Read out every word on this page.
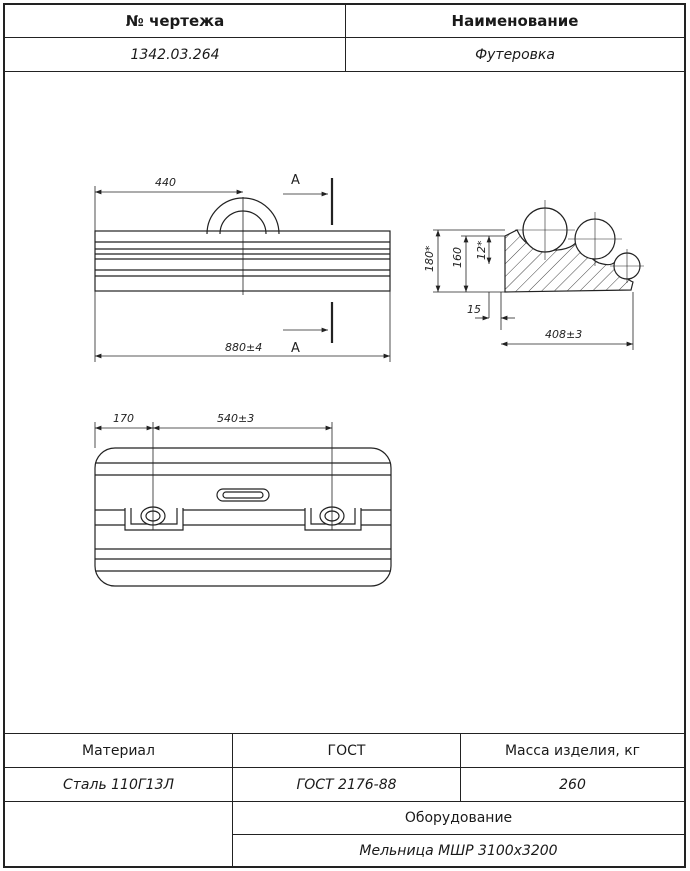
№ чертежа	Наименование
1342.03.264	Футеровка
440
880±4
А
А
180* 160 12*
15
408±3
170	540±3
Материал	ГОСТ	Масса изделия, кг
Сталь 110Г13Л	ГОСТ 2176-88	260
Оборудование
Мельница МШР 3100х3200
